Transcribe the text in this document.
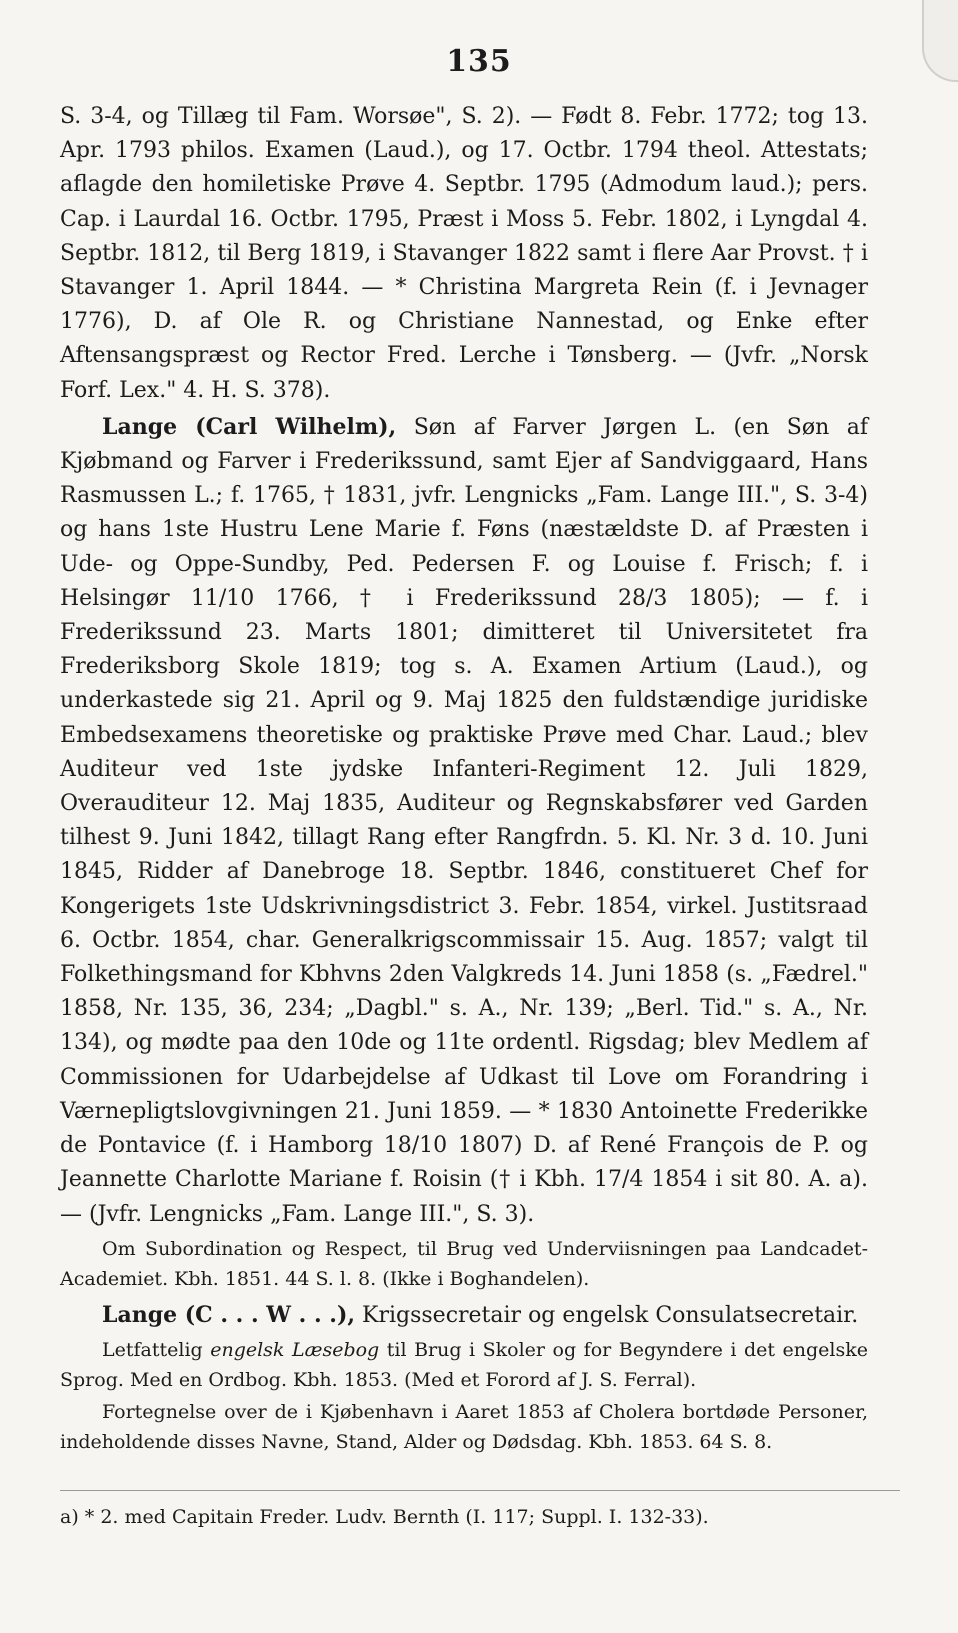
135

S. 3-4, og Tillæg til Fam. Worsøe", S. 2). — Født 8. Febr. 1772; tog 13. Apr. 1793 philos. Examen (Laud.), og 17. Octbr. 1794 theol. Attestats; aflagde den homiletiske Prøve 4. Septbr. 1795 (Admodum laud.); pers. Cap. i Laurdal 16. Octbr. 1795, Præst i Moss 5. Febr. 1802, i Lyngdal 4. Septbr. 1812, til Berg 1819, i Stavanger 1822 samt i flere Aar Provst. † i Stavanger 1. April 1844. — * Christina Margreta Rein (f. i Jevnager 1776), D. af Ole R. og Christiane Nannestad, og Enke efter Aftensangspræst og Rector Fred. Lerche i Tønsberg. — (Jvfr. „Norsk Forf. Lex." 4. H. S. 378).

Lange (Carl Wilhelm), Søn af Farver Jørgen L. (en Søn af Kjøbmand og Farver i Frederikssund, samt Ejer af Sandviggaard, Hans Rasmussen L.; f. 1765, † 1831, jvfr. Lengnicks „Fam. Lange III.", S. 3-4) og hans 1ste Hustru Lene Marie f. Føns (næstældste D. af Præsten i Ude- og Oppe-Sundby, Ped. Pedersen F. og Louise f. Frisch; f. i Helsingør 11/10 1766, † i Frederikssund 28/3 1805); — f. i Frederikssund 23. Marts 1801; dimitteret til Universitetet fra Frederiksborg Skole 1819; tog s. A. Examen Artium (Laud.), og underkastede sig 21. April og 9. Maj 1825 den fuldstændige juridiske Embedsexamens theoretiske og praktiske Prøve med Char. Laud.; blev Auditeur ved 1ste jydske Infanteri-Regiment 12. Juli 1829, Overauditeur 12. Maj 1835, Auditeur og Regnskabsfører ved Garden tilhest 9. Juni 1842, tillagt Rang efter Rangfrdn. 5. Kl. Nr. 3 d. 10. Juni 1845, Ridder af Danebroge 18. Septbr. 1846, constitueret Chef for Kongerigets 1ste Udskrivningsdistrict 3. Febr. 1854, virkel. Justitsraad 6. Octbr. 1854, char. Generalkrigscommissair 15. Aug. 1857; valgt til Folkethingsmand for Kbhvns 2den Valgkreds 14. Juni 1858 (s. „Fædrel." 1858, Nr. 135, 36, 234; „Dagbl." s. A., Nr. 139; „Berl. Tid." s. A., Nr. 134), og mødte paa den 10de og 11te ordentl. Rigsdag; blev Medlem af Commissionen for Udarbejdelse af Udkast til Love om Forandring i Værnepligtslovgivningen 21. Juni 1859. — * 1830 Antoinette Frederikke de Pontavice (f. i Hamborg 18/10 1807) D. af René François de P. og Jeannette Charlotte Mariane f. Roisin († i Kbh. 17/4 1854 i sit 80. A. a). — (Jvfr. Lengnicks „Fam. Lange III.", S. 3).

Om Subordination og Respect, til Brug ved Underviisningen paa Landcadet-Academiet. Kbh. 1851. 44 S. l. 8. (Ikke i Boghandelen).

Lange (C . . . W . . .), Krigssecretair og engelsk Consulatsecretair.

Letfattelig engelsk Læsebog til Brug i Skoler og for Begyndere i det engelske Sprog. Med en Ordbog. Kbh. 1853. (Med et Forord af J. S. Ferral).

Fortegnelse over de i Kjøbenhavn i Aaret 1853 af Cholera bortdøde Personer, indeholdende disses Navne, Stand, Alder og Dødsdag. Kbh. 1853. 64 S. 8.

a) * 2. med Capitain Freder. Ludv. Bernth (I. 117; Suppl. I. 132-33).
